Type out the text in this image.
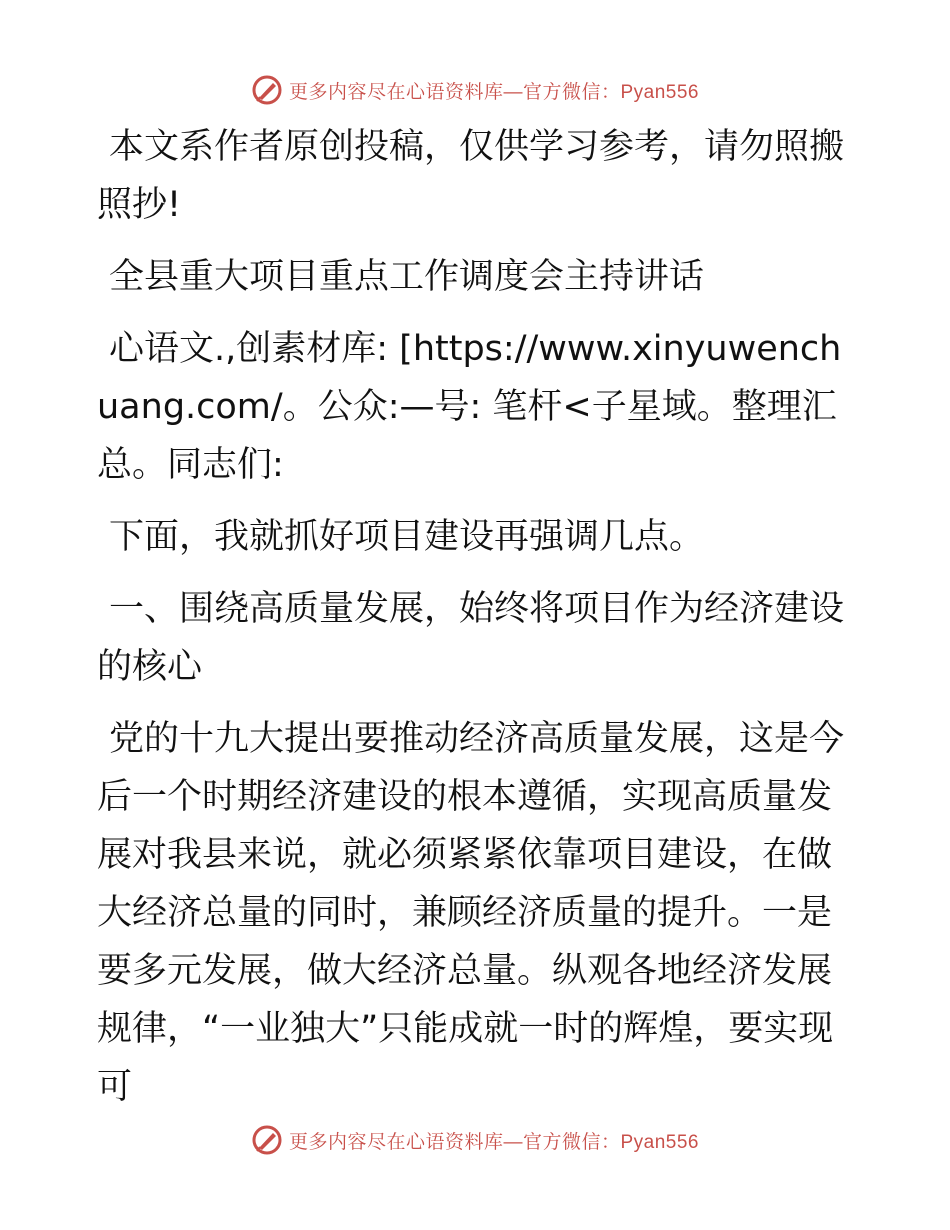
更多内容尽在心语资料库—官方微信：Pyan556

本文系作者原创投稿，仅供学习参考，请勿照搬照抄!

全县重大项目重点工作调度会主持讲话

心语文.,创素材库: [https://www.xinyuwenchuang.com/。公众:—号: 笔杆<子星域。整理汇总。同志们:

下面，我就抓好项目建设再强调几点。

一、围绕高质量发展，始终将项目作为经济建设的核心

党的十九大提出要推动经济高质量发展，这是今后一个时期经济建设的根本遵循，实现高质量发展对我县来说，就必须紧紧依靠项目建设，在做大经济总量的同时，兼顾经济质量的提升。一是要多元发展，做大经济总量。纵观各地经济发展规律，“一业独大”只能成就一时的辉煌，要实现可

更多内容尽在心语资料库—官方微信：Pyan556
